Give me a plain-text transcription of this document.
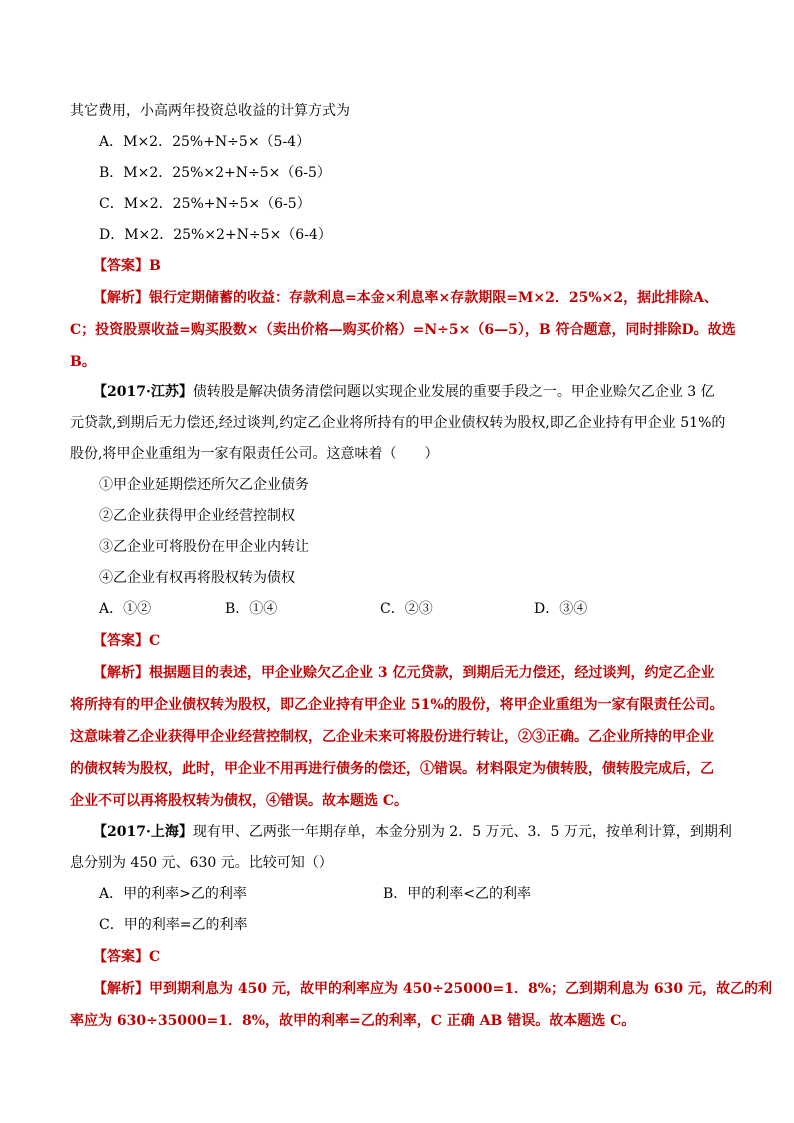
其它费用，小高两年投资总收益的计算方式为
A．M×2．25%+N÷5×（5-4）
B．M×2．25%×2+N÷5×（6-5）
C．M×2．25%+N÷5×（6-5）
D．M×2．25%×2+N÷5×（6-4）
【答案】B
【解析】银行定期储蓄的收益：存款利息=本金×利息率×存款期限=M×2．25%×2，据此排除A、
C；投资股票收益=购买股数×（卖出价格—购买价格）=N÷5×（6—5），B 符合题意，同时排除D。故选
B。
【2017·江苏】债转股是解决债务清偿问题以实现企业发展的重要手段之一。甲企业赊欠乙企业 3 亿
元贷款,到期后无力偿还,经过谈判,约定乙企业将所持有的甲企业债权转为股权,即乙企业持有甲企业 51%的
股份,将甲企业重组为一家有限责任公司。这意味着（　　）
①甲企业延期偿还所欠乙企业债务
②乙企业获得甲企业经营控制权
③乙企业可将股份在甲企业内转让
④乙企业有权再将股权转为债权
A．①②	B．①④	C．②③	D．③④
【答案】C
【解析】根据题目的表述，甲企业赊欠乙企业 3 亿元贷款，到期后无力偿还，经过谈判，约定乙企业
将所持有的甲企业债权转为股权，即乙企业持有甲企业 51%的股份，将甲企业重组为一家有限责任公司。
这意味着乙企业获得甲企业经营控制权，乙企业未来可将股份进行转让，②③正确。乙企业所持的甲企业
的债权转为股权，此时，甲企业不用再进行债务的偿还，①错误。材料限定为债转股，债转股完成后，乙
企业不可以再将股权转为债权，④错误。故本题选 C。
【2017·上海】现有甲、乙两张一年期存单，本金分别为 2．5 万元、3．5 万元，按单利计算，到期利
息分别为 450 元、630 元。比较可知（）
A．甲的利率>乙的利率	B．甲的利率<乙的利率
C．甲的利率=乙的利率
【答案】C
【解析】甲到期利息为 450 元，故甲的利率应为 450÷25000=1．8%；乙到期利息为 630 元，故乙的利
率应为 630÷35000=1．8%，故甲的利率=乙的利率，C 正确 AB 错误。故本题选 C。
